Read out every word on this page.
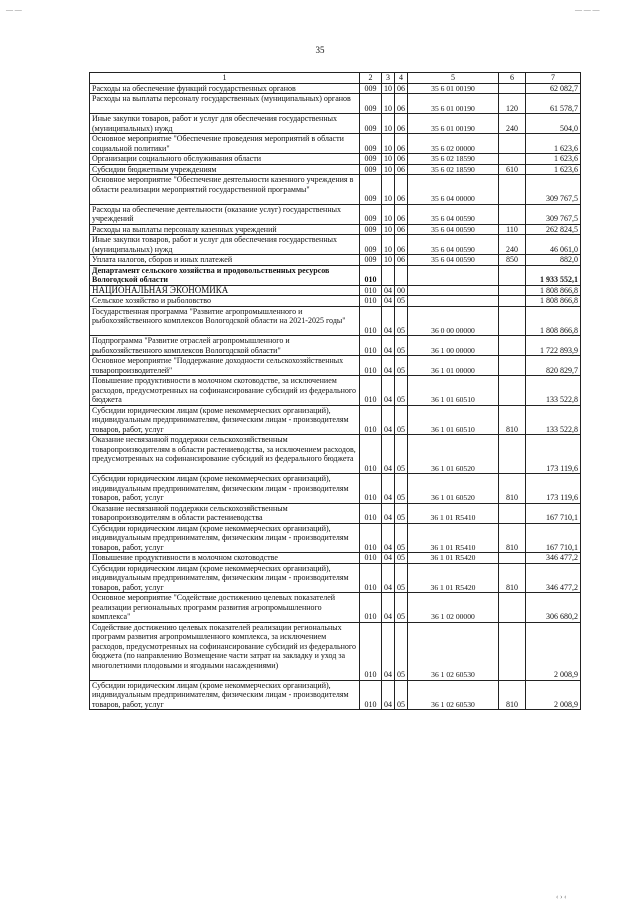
35
— — —
— —
‹ › ‹
1	2	3	4	5	6	7
Расходы на обеспечение функций государственных органов	009	10	06	35 6 01 00190		62 082,7
Расходы на выплаты персоналу государственных (муниципальных) органов	009	10	06	35 6 01 00190	120	61 578,7
Иные закупки товаров, работ и услуг для обеспечения государственных (муниципальных) нужд	009	10	06	35 6 01 00190	240	504,0
Основное мероприятие "Обеспечение проведения мероприятий в области социальной политики"	009	10	06	35 6 02 00000		1 623,6
Организации социального обслуживания области	009	10	06	35 6 02 18590		1 623,6
Субсидии бюджетным учреждениям	009	10	06	35 6 02 18590	610	1 623,6
Основное мероприятие "Обеспечение деятельности казенного учреждения в области реализации мероприятий государственной программы"	009	10	06	35 6 04 00000		309 767,5
Расходы на обеспечение деятельности (оказание услуг) государственных учреждений	009	10	06	35 6 04 00590		309 767,5
Расходы на выплаты персоналу казенных учреждений	009	10	06	35 6 04 00590	110	262 824,5
Иные закупки товаров, работ и услуг для обеспечения государственных (муниципальных) нужд	009	10	06	35 6 04 00590	240	46 061,0
Уплата налогов, сборов и иных платежей	009	10	06	35 6 04 00590	850	882,0
Департамент сельского хозяйства и продовольственных ресурсов Вологодской области	010					1 933 552,1
НАЦИОНАЛЬНАЯ ЭКОНОМИКА	010	04	00			1 808 866,8
Сельское хозяйство и рыболовство	010	04	05			1 808 866,8
Государственная программа "Развитие агропромышленного и рыбохозяйственного комплексов Вологодской области на 2021-2025 годы"	010	04	05	36 0 00 00000		1 808 866,8
Подпрограмма "Развитие отраслей агропромышленного и рыбохозяйственного комплексов Вологодской области"	010	04	05	36 1 00 00000		1 722 893,9
Основное мероприятие "Поддержание доходности сельскохозяйственных товаропроизводителей"	010	04	05	36 1 01 00000		820 829,7
Повышение продуктивности в молочном скотоводстве, за исключением расходов, предусмотренных на софинансирование субсидий из федерального бюджета	010	04	05	36 1 01 60510		133 522,8
Субсидии юридическим лицам (кроме некоммерческих организаций), индивидуальным предпринимателям, физическим лицам - производителям товаров, работ, услуг	010	04	05	36 1 01 60510	810	133 522,8
Оказание несвязанной поддержки сельскохозяйственным товаропроизводителям в области растениеводства, за исключением расходов, предусмотренных на софинансирование субсидий из федерального бюджета	010	04	05	36 1 01 60520		173 119,6
Субсидии юридическим лицам (кроме некоммерческих организаций), индивидуальным предпринимателям, физическим лицам - производителям товаров, работ, услуг	010	04	05	36 1 01 60520	810	173 119,6
Оказание несвязанной поддержки сельскохозяйственным товаропроизводителям в области растениеводства	010	04	05	36 1 01 R5410		167 710,1
Субсидии юридическим лицам (кроме некоммерческих организаций), индивидуальным предпринимателям, физическим лицам - производителям товаров, работ, услуг	010	04	05	36 1 01 R5410	810	167 710,1
Повышение продуктивности в молочном скотоводстве	010	04	05	36 1 01 R5420		346 477,2
Субсидии юридическим лицам (кроме некоммерческих организаций), индивидуальным предпринимателям, физическим лицам - производителям товаров, работ, услуг	010	04	05	36 1 01 R5420	810	346 477,2
Основное мероприятие "Содействие достижению целевых показателей реализации региональных программ развития агропромышленного комплекса"	010	04	05	36 1 02 00000		306 680,2
Содействие достижению целевых показателей реализации региональных программ развития агропромышленного комплекса, за исключением расходов, предусмотренных на софинансирование субсидий из федерального бюджета (по направлению Возмещение части затрат на закладку и уход за многолетними плодовыми и ягодными насаждениями)	010	04	05	36 1 02 60530		2 008,9
Субсидии юридическим лицам (кроме некоммерческих организаций), индивидуальным предпринимателям, физическим лицам - производителям товаров, работ, услуг	010	04	05	36 1 02 60530	810	2 008,9
